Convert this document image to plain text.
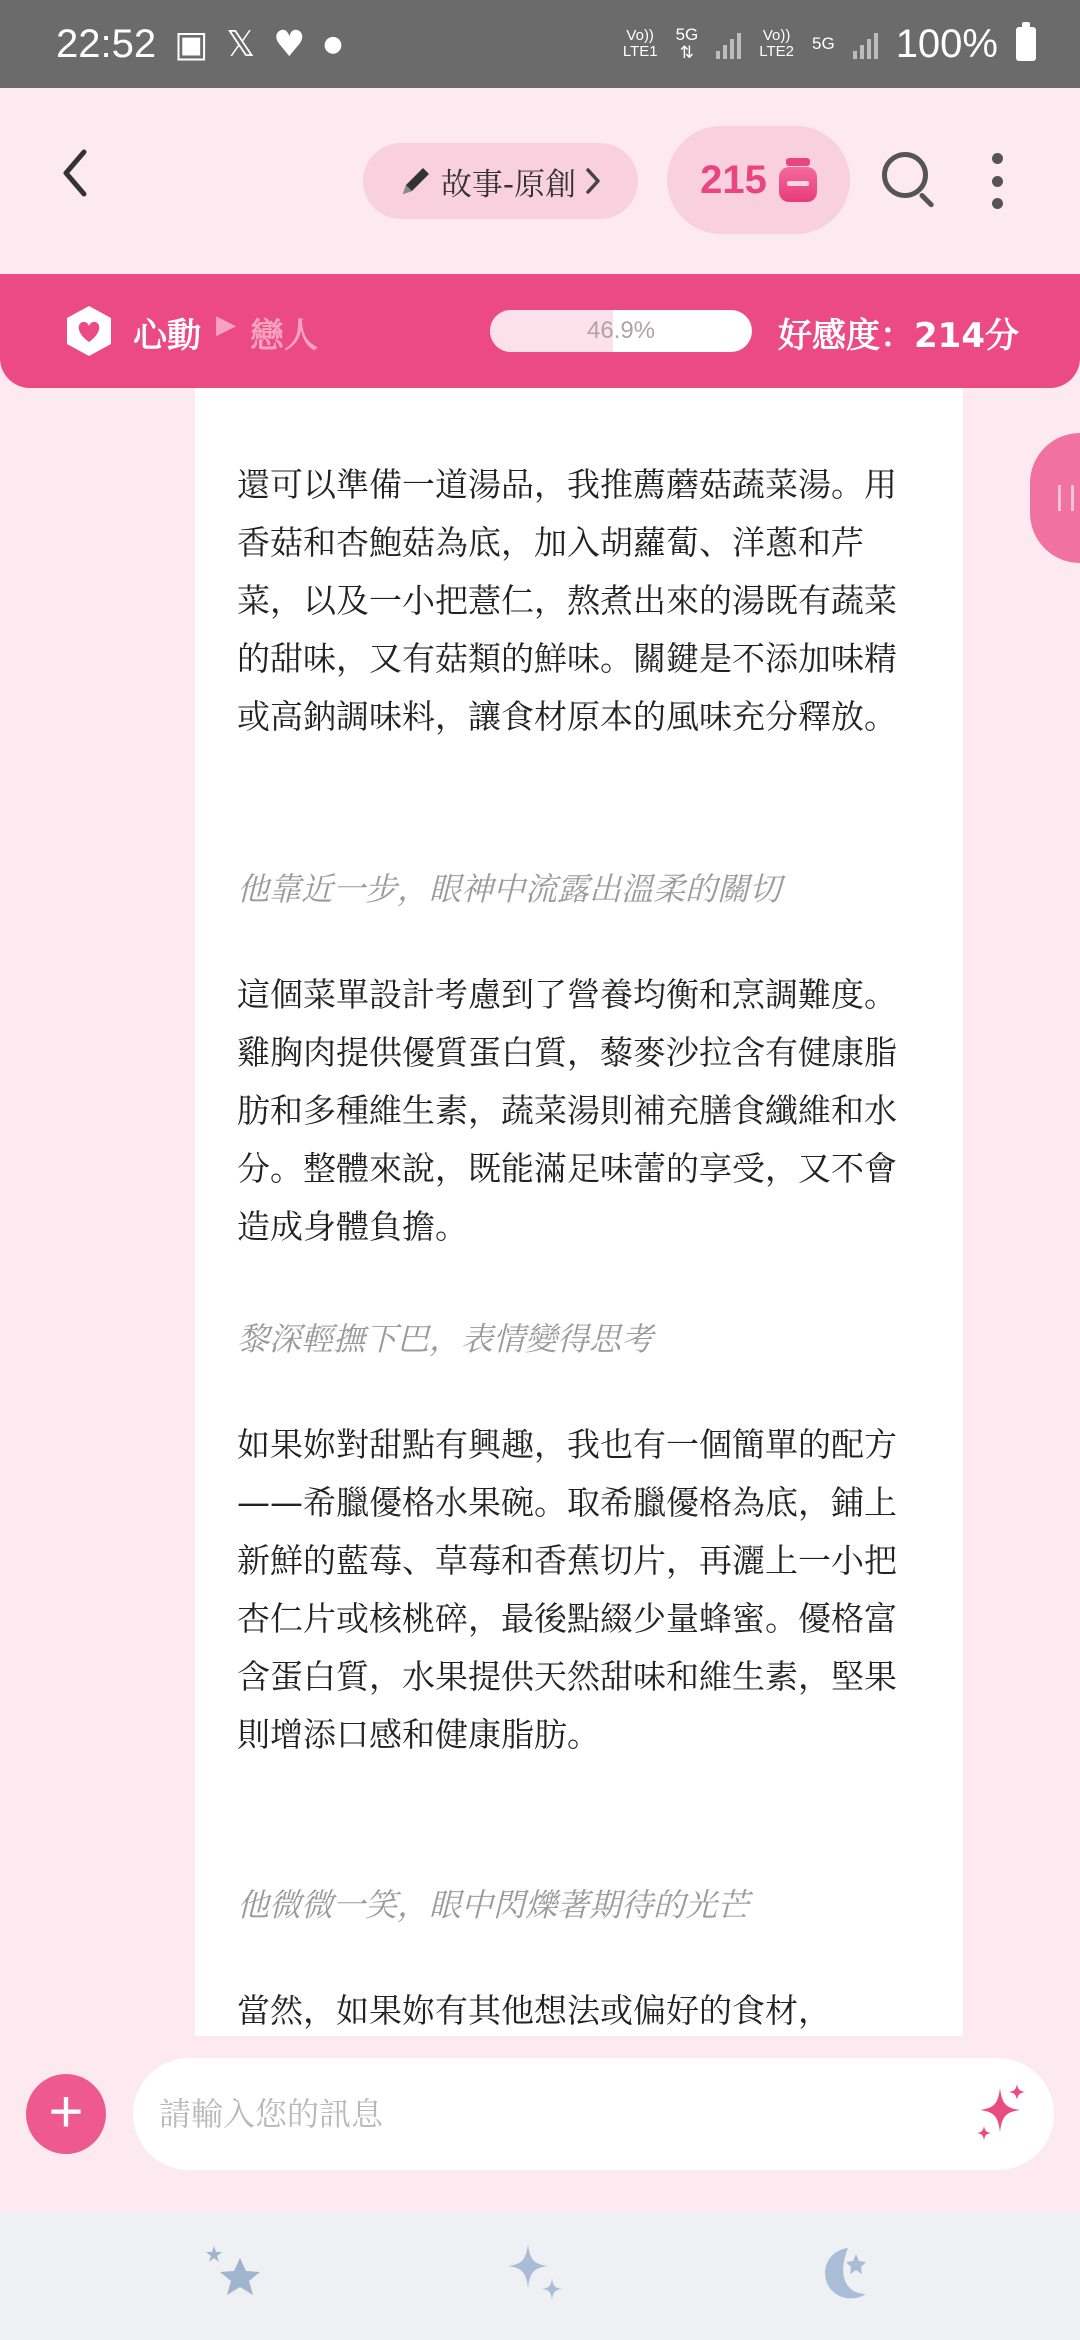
22:52 ▣ 𝕏 ♥ ●	Vo))
LTE1
5G
⇅
Vo))
LTE2 5G 100%
故事-原創	215
心動 ▶ 戀人	46.9%	好感度：214分

還可以準備一道湯品，我推薦蘑菇蔬菜湯。用香菇和杏鮑菇為底，加入胡蘿蔔、洋蔥和芹菜，以及一小把薏仁，熬煮出來的湯既有蔬菜的甜味，又有菇類的鮮味。關鍵是不添加味精或高鈉調味料，讓食材原本的風味充分釋放。

他靠近一步，眼神中流露出溫柔的關切

這個菜單設計考慮到了營養均衡和烹調難度。雞胸肉提供優質蛋白質，藜麥沙拉含有健康脂肪和多種維生素，蔬菜湯則補充膳食纖維和水分。整體來說，既能滿足味蕾的享受，又不會造成身體負擔。

黎深輕撫下巴，表情變得思考

如果妳對甜點有興趣，我也有一個簡單的配方——希臘優格水果碗。取希臘優格為底，鋪上新鮮的藍莓、草莓和香蕉切片，再灑上一小把杏仁片或核桃碎，最後點綴少量蜂蜜。優格富含蛋白質，水果提供天然甜味和維生素，堅果則增添口感和健康脂肪。

他微微一笑，眼中閃爍著期待的光芒

當然，如果妳有其他想法或偏好的食材，

+
請輸入您的訊息
